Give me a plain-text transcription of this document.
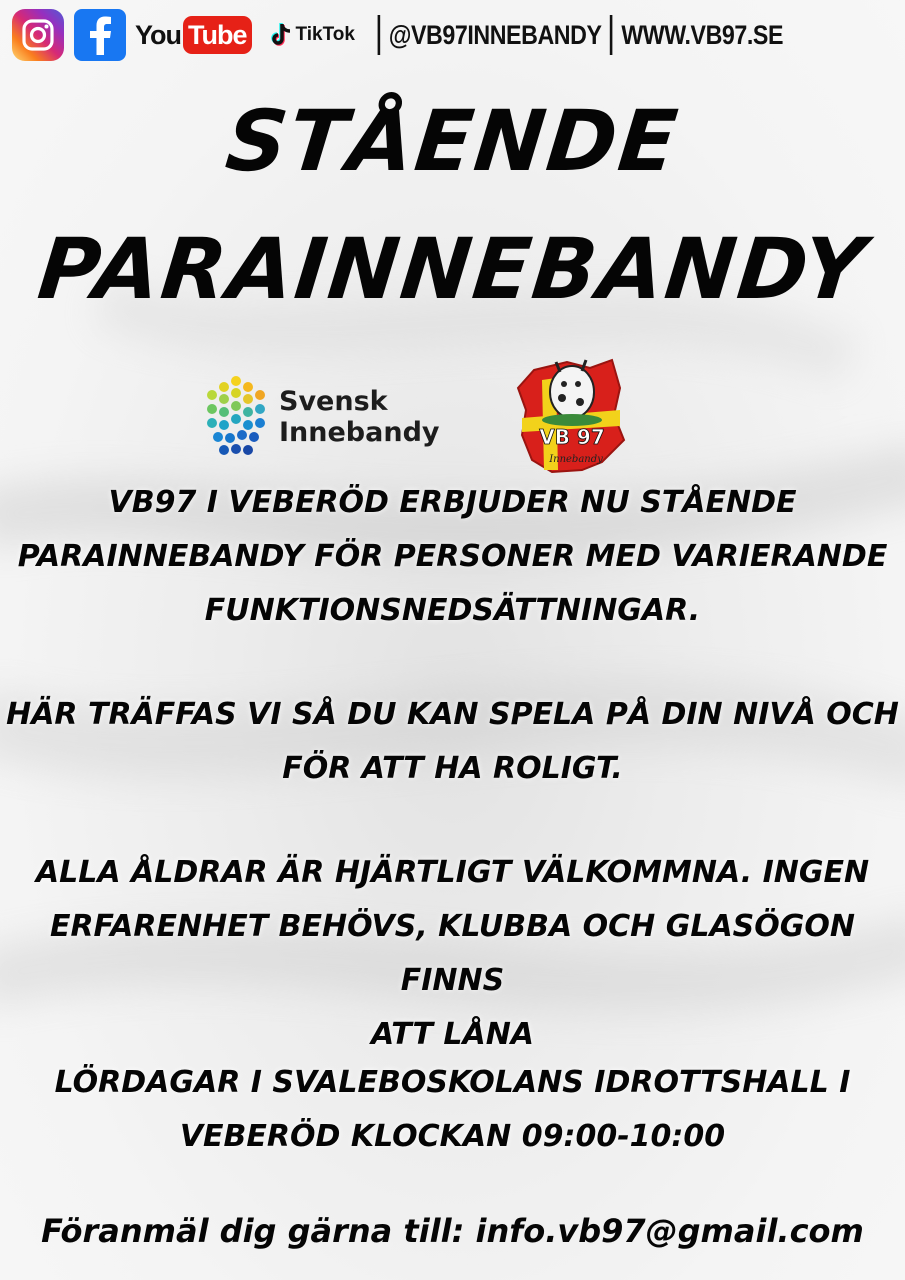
You Tube	TikTok @VB97INNEBANDY WWW.VB97.SE
STÅENDE
PARAINNEBANDY
Svensk
Innebandy	VB 97
Innebandy
VB97 I VEBERÖD ERBJUDER NU STÅENDE
PARAINNEBANDY FÖR PERSONER MED VARIERANDE
FUNKTIONSNEDSÄTTNINGAR.
HÄR TRÄFFAS VI SÅ DU KAN SPELA PÅ DIN NIVÅ OCH
FÖR ATT HA ROLIGT.
ALLA ÅLDRAR ÄR HJÄRTLIGT VÄLKOMMNA. INGEN
ERFARENHET BEHÖVS, KLUBBA OCH GLASÖGON FINNS
ATT LÅNA
LÖRDAGAR I SVALEBOSKOLANS IDROTTSHALL I
VEBERÖD KLOCKAN 09:00-10:00
Föranmäl dig gärna till: info.vb97@gmail.com
